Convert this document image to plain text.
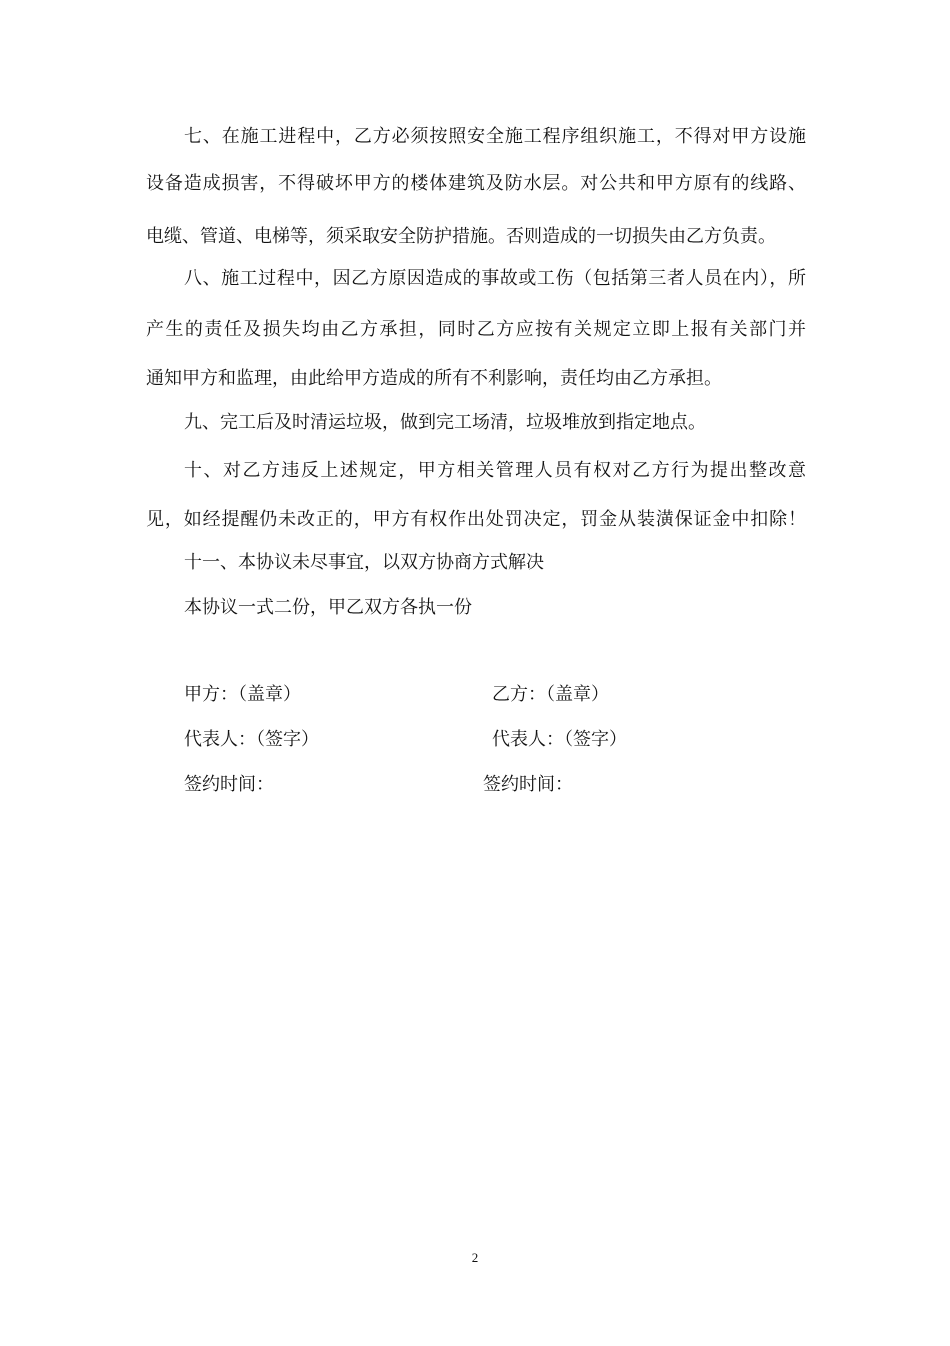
七、在施工进程中，乙方必须按照安全施工程序组织施工，不得对甲方设施
设备造成损害，不得破坏甲方的楼体建筑及防水层。对公共和甲方原有的线路、
电缆、管道、电梯等，须采取安全防护措施。否则造成的一切损失由乙方负责。
八、施工过程中，因乙方原因造成的事故或工伤（包括第三者人员在内），所
产生的责任及损失均由乙方承担，同时乙方应按有关规定立即上报有关部门并
通知甲方和监理，由此给甲方造成的所有不利影响，责任均由乙方承担。
九、完工后及时清运垃圾，做到完工场清，垃圾堆放到指定地点。
十、对乙方违反上述规定，甲方相关管理人员有权对乙方行为提出整改意
见，如经提醒仍未改正的，甲方有权作出处罚决定，罚金从装潢保证金中扣除！
十一、本协议未尽事宜，以双方协商方式解决
本协议一式二份，甲乙双方各执一份
甲方：（盖章）	乙方：（盖章）
代表人：（签字）	代表人：（签字）
签约时间：	签约时间：
2
